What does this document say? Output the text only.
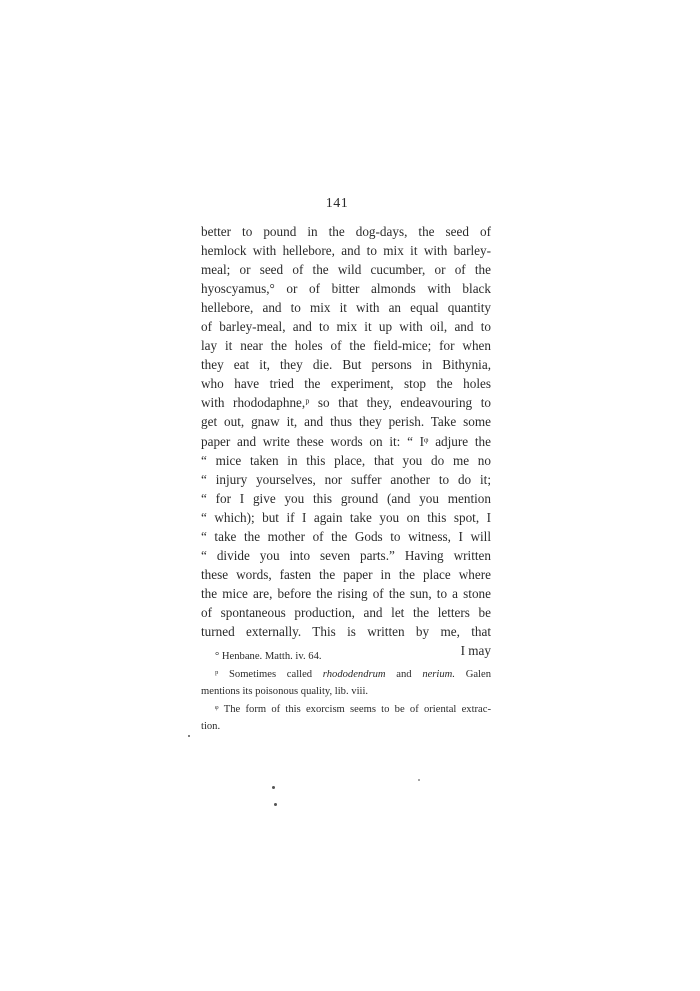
141
better to pound in the dog-days, the seed of
hemlock with hellebore, and to mix it with barley-
meal; or seed of the wild cucumber, or of the
hyoscyamus,° or of bitter almonds with black
hellebore, and to mix it with an equal quantity
of barley-meal, and to mix it up with oil, and to
lay it near the holes of the field-mice; for when
they eat it, they die. But persons in Bithynia,
who have tried the experiment, stop the holes
with rhododaphne,ᵖ so that they, endeavouring to
get out, gnaw it, and thus they perish. Take some
paper and write these words on it: “ Iᵠ adjure the
“ mice taken in this place, that you do me no
“ injury yourselves, nor suffer another to do it;
“ for I give you this ground (and you mention
“ which); but if I again take you on this spot, I
“ take the mother of the Gods to witness, I will
“ divide you into seven parts.” Having written
these words, fasten the paper in the place where
the mice are, before the rising of the sun, to a stone
of spontaneous production, and let the letters be
turned externally. This is written by me, that
I may
° Henbane. Matth. iv. 64.
ᵖ Sometimes called rhododendrum and nerium. Galen
mentions its poisonous quality, lib. viii.
ᵠ The form of this exorcism seems to be of oriental extrac-
tion.
